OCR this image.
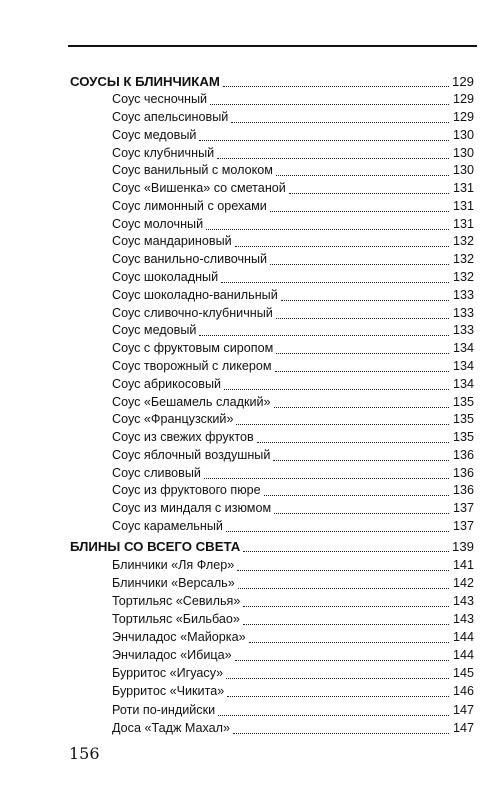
СОУСЫ К БЛИНЧИКАМ	129
Соус чесночный	129
Соус апельсиновый	129
Соус медовый	130
Соус клубничный	130
Соус ванильный с молоком	130
Соус «Вишенка» со сметаной	131
Соус лимонный с орехами	131
Соус молочный	131
Соус мандариновый	132
Соус ванильно-сливочный	132
Соус шоколадный	132
Соус шоколадно-ванильный	133
Соус сливочно-клубничный	133
Соус медовый	133
Соус с фруктовым сиропом	134
Соус творожный с ликером	134
Соус абрикосовый	134
Соус «Бешамель сладкий»	135
Соус «Французский»	135
Соус из свежих фруктов	135
Соус яблочный воздушный	136
Соус сливовый	136
Соус из фруктового пюре	136
Соус из миндаля с изюмом	137
Соус карамельный	137
БЛИНЫ СО ВСЕГО СВЕТА	139
Блинчики «Ля Флер»	141
Блинчики «Версаль»	142
Тортильяс «Севилья»	143
Тортильяс «Бильбао»	143
Энчиладос «Майорка»	144
Энчиладос «Ибица»	144
Бурритос «Игуасу»	145
Бурритос «Чикита»	146
Роти по-индийски	147
Доса «Тадж Махал»	147
156
